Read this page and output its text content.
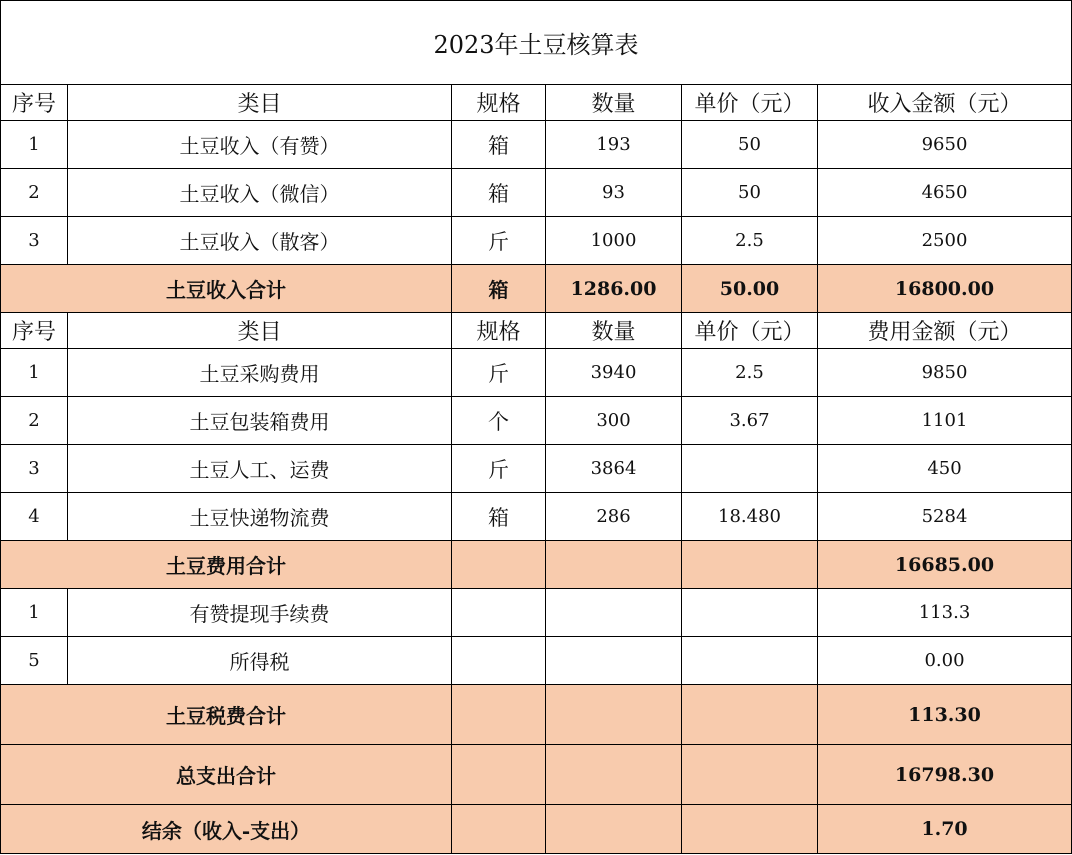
2023年土豆核算表					
序号	类目	规格	数量	单价（元）	收入金额（元）
1	土豆收入（有赞）	箱	193	50	9650
2	土豆收入（微信）	箱	93	50	4650
3	土豆收入（散客）	斤	1000	2.5	2500
土豆收入合计		箱	1286.00	50.00	16800.00
序号	类目	规格	数量	单价（元）	费用金额（元）
1	土豆采购费用	斤	3940	2.5	9850
2	土豆包装箱费用	个	300	3.67	1101
3	土豆人工、运费	斤	3864		450
4	土豆快递物流费	箱	286	18.480	5284
土豆费用合计					16685.00
1	有赞提现手续费				113.3
5	所得税				0.00
土豆税费合计					113.30
总支出合计					16798.30
结余（收入-支出）					1.70
